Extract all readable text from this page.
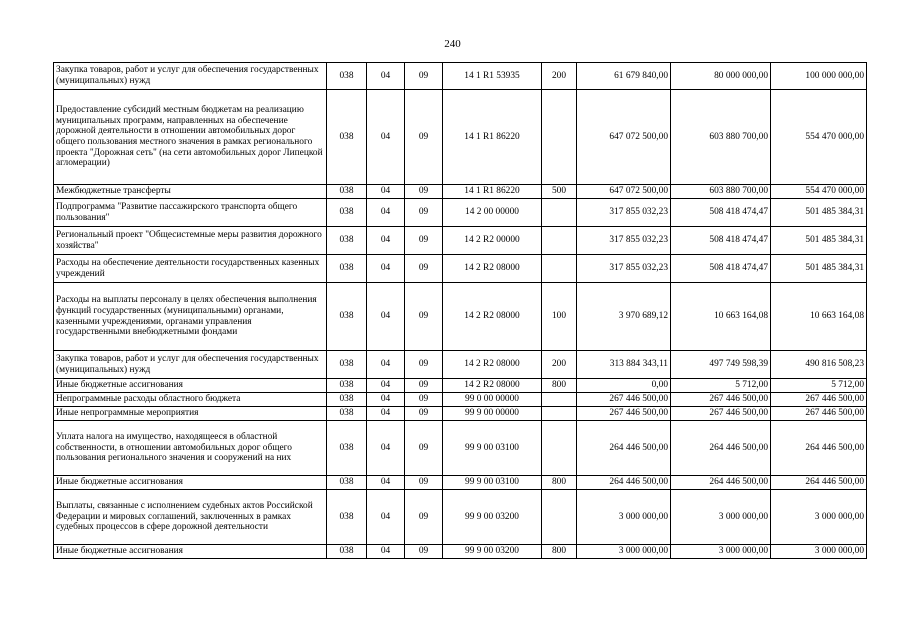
240
Закупка товаров, работ и услуг для обеспечения государственных (муниципальных) нужд	038	04	09	14 1 R1 53935	200	61 679 840,00	80 000 000,00	100 000 000,00
Предоставление субсидий местным бюджетам на реализацию муниципальных программ, направленных на обеспечение дорожной деятельности в отношении автомобильных дорог общего пользования местного значения в рамках регионального проекта "Дорожная сеть" (на сети автомобильных дорог Липецкой агломерации)	038	04	09	14 1 R1 86220		647 072 500,00	603 880 700,00	554 470 000,00
Межбюджетные трансферты	038	04	09	14 1 R1 86220	500	647 072 500,00	603 880 700,00	554 470 000,00
Подпрограмма "Развитие пассажирского транспорта общего пользования"	038	04	09	14 2 00 00000		317 855 032,23	508 418 474,47	501 485 384,31
Региональный проект "Общесистемные меры развития дорожного хозяйства"	038	04	09	14 2 R2 00000		317 855 032,23	508 418 474,47	501 485 384,31
Расходы на обеспечение деятельности государственных казенных учреждений	038	04	09	14 2 R2 08000		317 855 032,23	508 418 474,47	501 485 384,31
Расходы на выплаты персоналу в целях обеспечения выполнения функций государственных (муниципальными) органами, казенными учреждениями, органами управления государственными внебюджетными фондами	038	04	09	14 2 R2 08000	100	3 970 689,12	10 663 164,08	10 663 164,08
Закупка товаров, работ и услуг для обеспечения государственных (муниципальных) нужд	038	04	09	14 2 R2 08000	200	313 884 343,11	497 749 598,39	490 816 508,23
Иные бюджетные ассигнования	038	04	09	14 2 R2 08000	800	0,00	5 712,00	5 712,00
Непрограммные расходы областного бюджета	038	04	09	99 0 00 00000		267 446 500,00	267 446 500,00	267 446 500,00
Иные непрограммные мероприятия	038	04	09	99 9 00 00000		267 446 500,00	267 446 500,00	267 446 500,00
Уплата налога на имущество, находящееся в областной собственности, в отношении автомобильных дорог общего пользования регионального значения и сооружений на них	038	04	09	99 9 00 03100		264 446 500,00	264 446 500,00	264 446 500,00
Иные бюджетные ассигнования	038	04	09	99 9 00 03100	800	264 446 500,00	264 446 500,00	264 446 500,00
Выплаты, связанные с исполнением судебных актов Российской Федерации и мировых соглашений, заключенных в рамках судебных процессов в сфере дорожной деятельности	038	04	09	99 9 00 03200		3 000 000,00	3 000 000,00	3 000 000,00
Иные бюджетные ассигнования	038	04	09	99 9 00 03200	800	3 000 000,00	3 000 000,00	3 000 000,00
